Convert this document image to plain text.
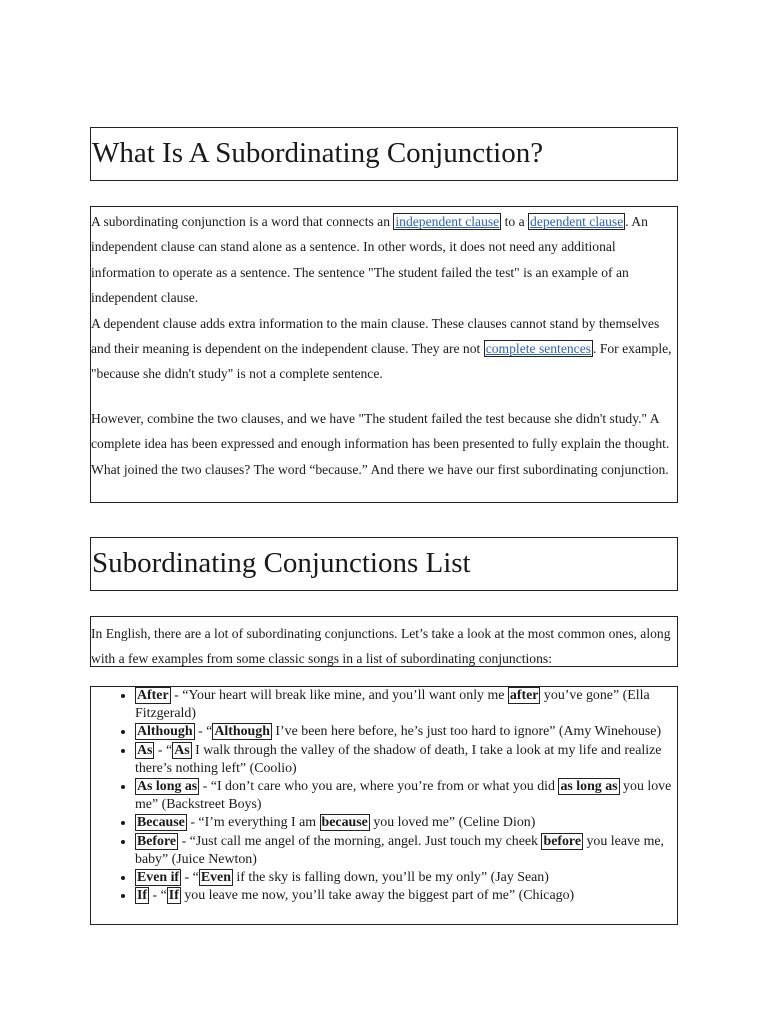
What Is A Subordinating Conjunction?

A subordinating conjunction is a word that connects an independent clause to a dependent clause . An independent clause can stand alone as a sentence. In other words, it does not need any additional information to operate as a sentence. The sentence "The student failed the test" is an example of an independent clause.

A dependent clause adds extra information to the main clause. These clauses cannot stand by themselves and their meaning is dependent on the independent clause. They are not complete sentences . For example, "because she didn't study" is not a complete sentence.

However, combine the two clauses, and we have "The student failed the test because she didn't study." A complete idea has been expressed and enough information has been presented to fully explain the thought. What joined the two clauses? The word “because.” And there we have our first subordinating conjunction.

Subordinating Conjunctions List
In English, there are a lot of subordinating conjunctions. Let’s take a look at the most common ones, along with a few examples from some classic songs in a list of subordinating conjunctions:
• After - “Your heart will break like mine, and you’ll want only me after you’ve gone” (Ella Fitzgerald)
• Although - “ Although I’ve been here before, he’s just too hard to ignore” (Amy Winehouse)
• As - “ As I walk through the valley of the shadow of death, I take a look at my life and realize there’s nothing left” (Coolio)
• As long as - “I don’t care who you are, where you’re from or what you did as long as you love me” (Backstreet Boys)
• Because - “I’m everything I am because you loved me” (Celine Dion)
• Before - “Just call me angel of the morning, angel. Just touch my cheek before you leave me, baby” (Juice Newton)
• Even if - “ Even if the sky is falling down, you’ll be my only” (Jay Sean)
• If - “ If you leave me now, you’ll take away the biggest part of me” (Chicago)
